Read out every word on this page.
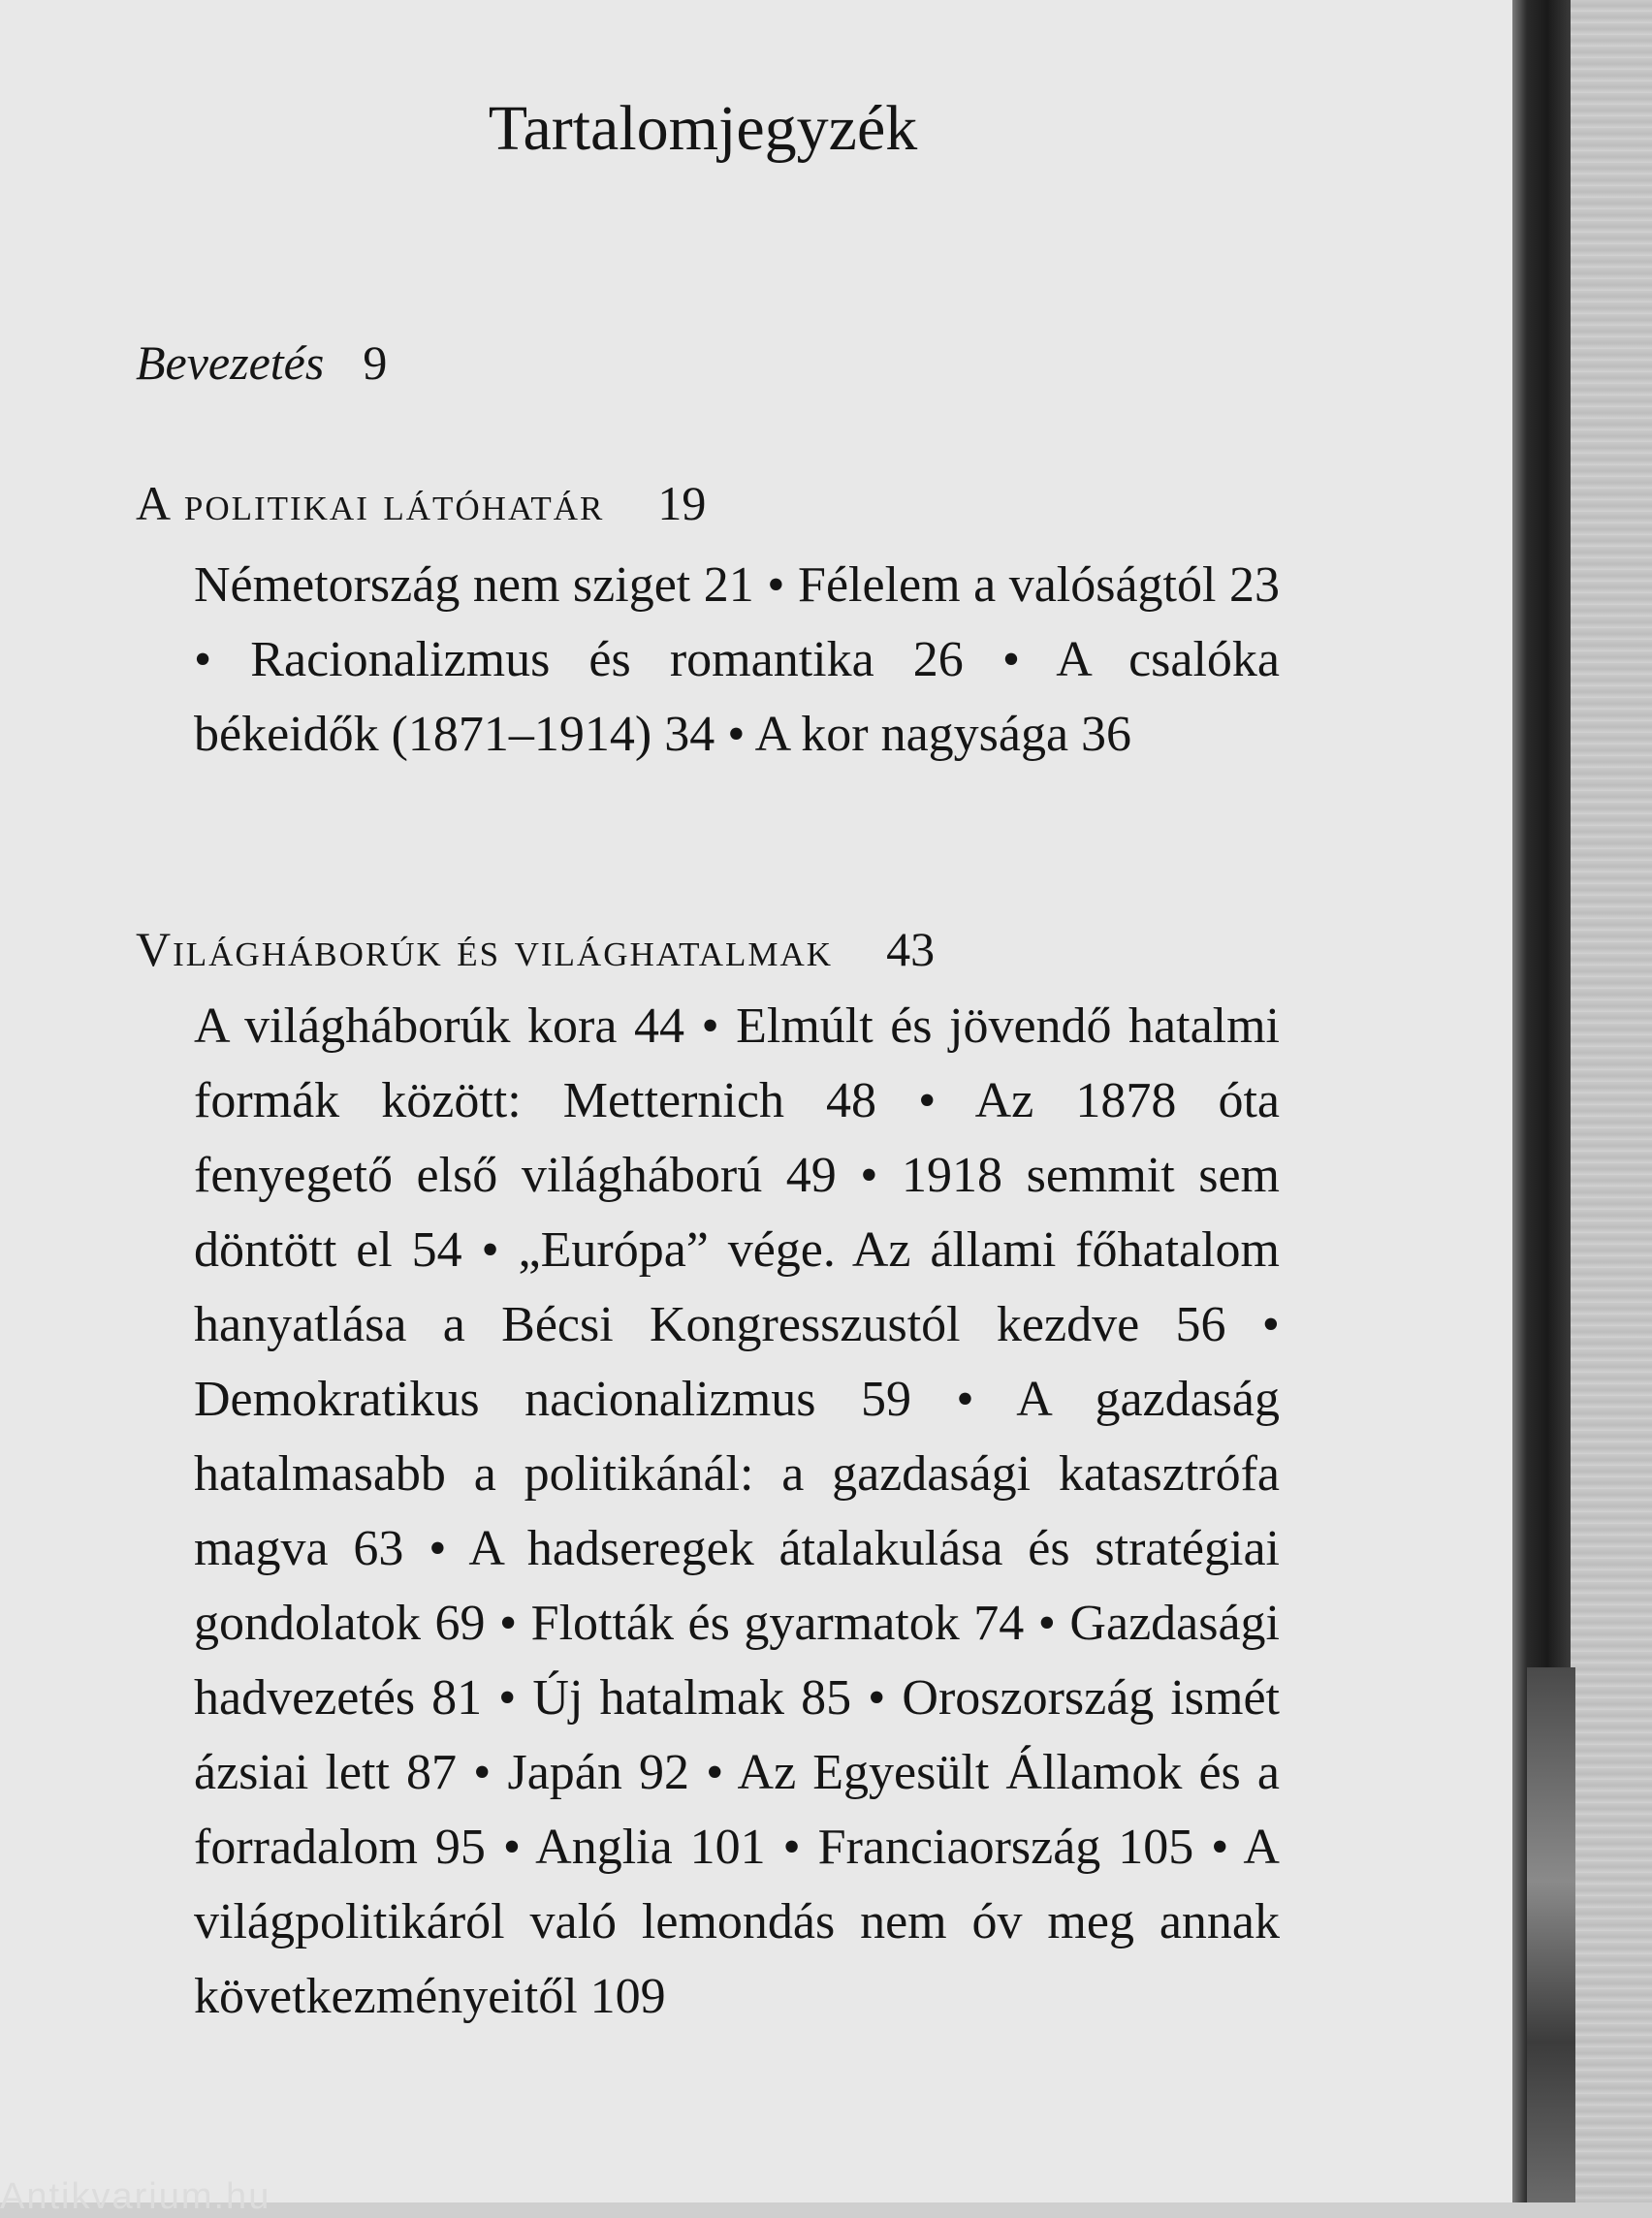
Tartalomjegyzék
Bevezetés 9
A politikai látóhatár 19
Németország nem sziget 21 • Félelem a valóságtól 23 • Racionalizmus és romantika 26 • A csalóka békeidők (1871–1914) 34 • A kor nagysága 36
Világháborúk és világhatalmak 43
A világháborúk kora 44 • Elmúlt és jövendő hatalmi formák között: Metternich 48 • Az 1878 óta fenyegető első világháború 49 • 1918 semmit sem döntött el 54 • „Európa” vége. Az állami főhatalom hanyatlása a Bécsi Kongresszustól kezdve 56 • Demokratikus nacionalizmus 59 • A gazdaság hatalmasabb a politikánál: a gazdasági katasztrófa magva 63 • A hadseregek átalakulása és stratégiai gondolatok 69 • Flották és gyarmatok 74 • Gazdasági hadvezetés 81 • Új hatalmak 85 • Oroszország ismét ázsiai lett 87 • Japán 92 • Az Egyesült Államok és a forradalom 95 • Anglia 101 • Franciaország 105 • A világpolitikáról való lemondás nem óv meg annak következményeitől 109
Antikvarium.hu
